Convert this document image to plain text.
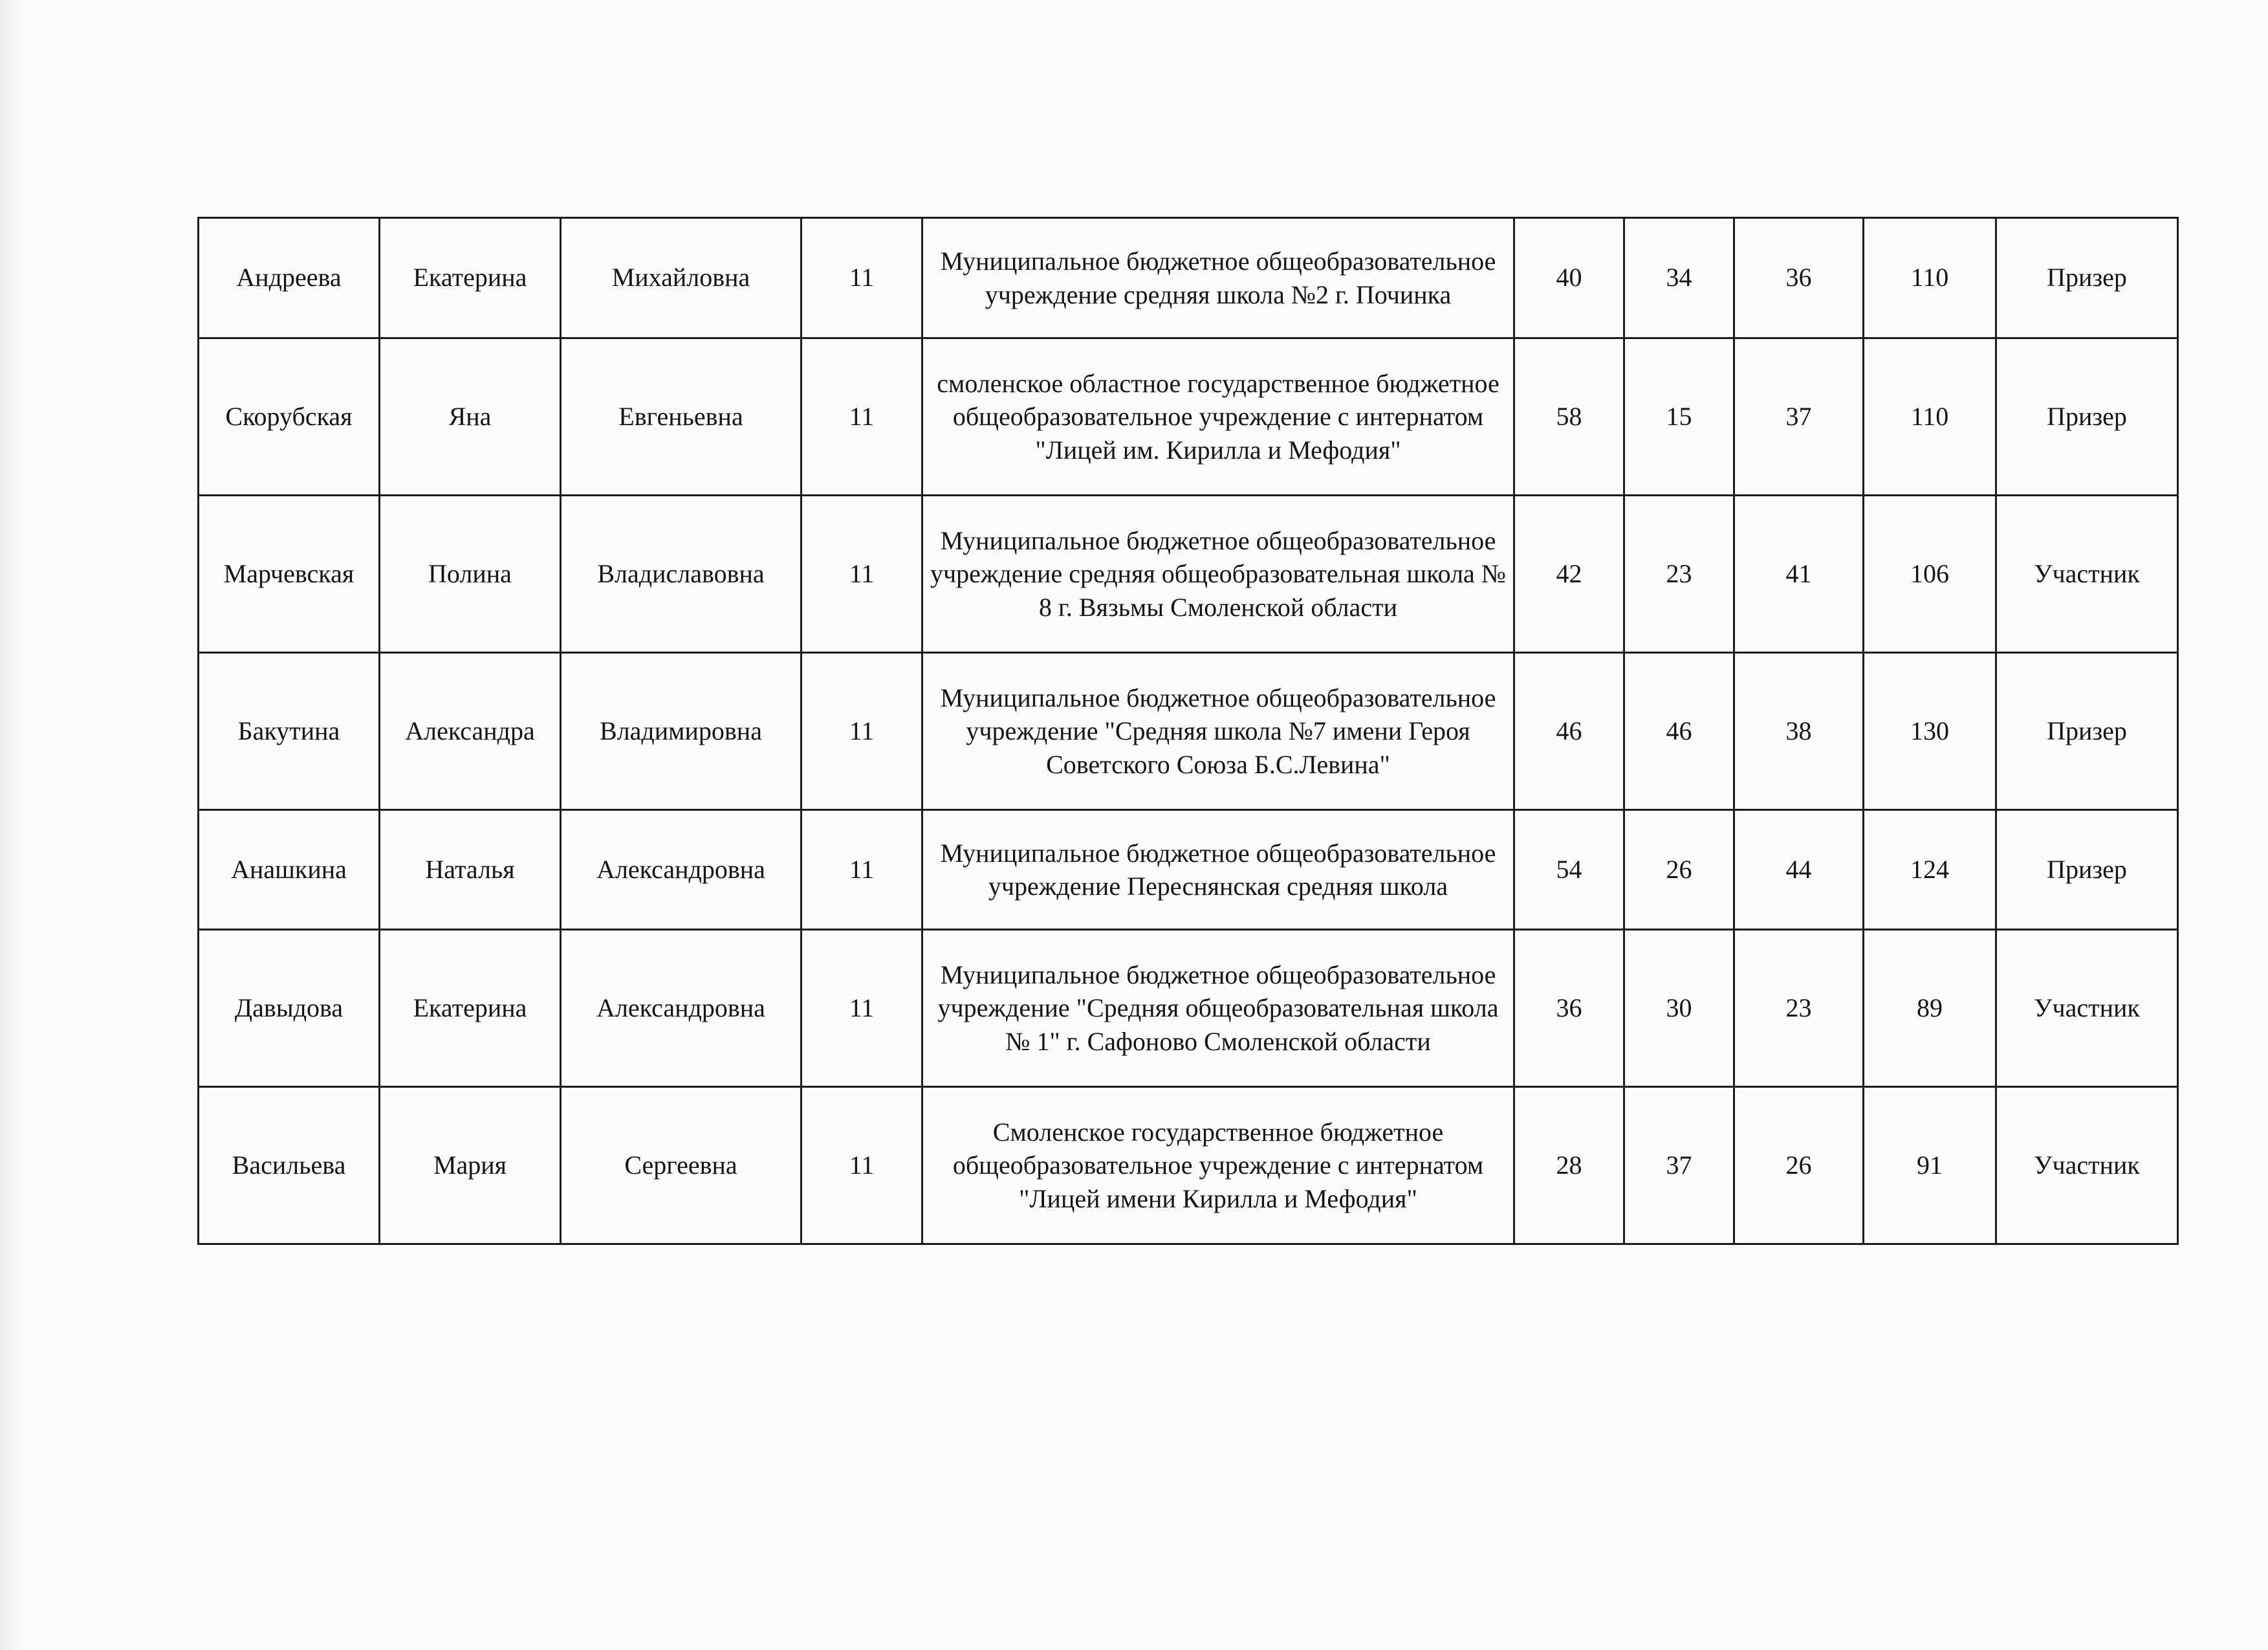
Андреева	Екатерина	Михайловна	11	Муниципальное бюджетное общеобразовательное учреждение средняя школа №2 г. Починка	40	34	36	110	Призер
Скорубская	Яна	Евгеньевна	11	смоленское областное государственное бюджетное общеобразовательное учреждение с интернатом "Лицей им. Кирилла и Мефодия"	58	15	37	110	Призер
Марчевская	Полина	Владиславовна	11	Муниципальное бюджетное общеобразовательное учреждение средняя общеобразовательная школа № 8 г. Вязьмы Смоленской области	42	23	41	106	Участник
Бакутина	Александра	Владимировна	11	Муниципальное бюджетное общеобразовательное учреждение "Средняя школа №7 имени Героя Советского Союза Б.С.Левина"	46	46	38	130	Призер
Анашкина	Наталья	Александровна	11	Муниципальное бюджетное общеобразовательное учреждение Переснянская средняя школа	54	26	44	124	Призер
Давыдова	Екатерина	Александровна	11	Муниципальное бюджетное общеобразовательное учреждение "Средняя общеобразовательная школа № 1" г. Сафоново Смоленской области	36	30	23	89	Участник
Васильева	Мария	Сергеевна	11	Смоленское государственное бюджетное общеобразовательное учреждение с интернатом "Лицей имени Кирилла и Мефодия"	28	37	26	91	Участник
